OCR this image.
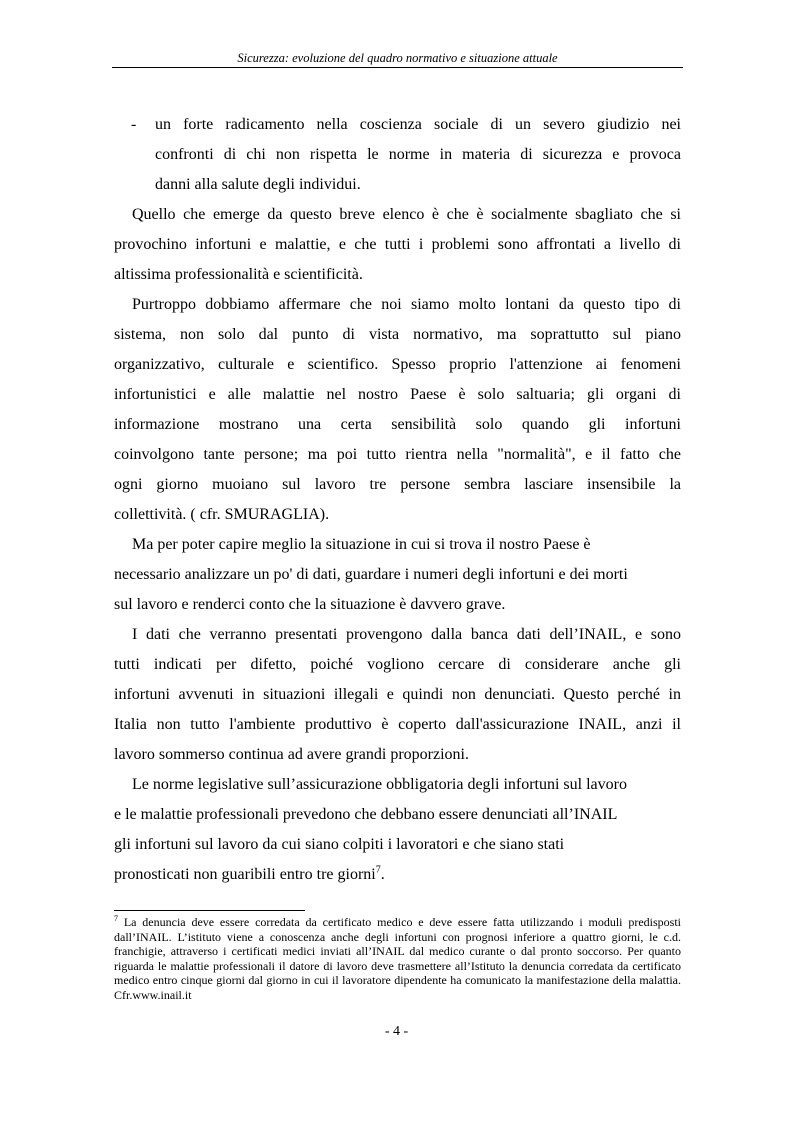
Sicurezza: evoluzione del quadro normativo e situazione attuale
- un forte radicamento nella coscienza sociale di un severo giudizio nei
confronti di chi non rispetta le norme in materia di sicurezza e provoca
danni alla salute degli individui.
Quello che emerge da questo breve elenco è che è socialmente sbagliato che si
provochino infortuni e malattie, e che tutti i problemi sono affrontati a livello di
altissima professionalità e scientificità.
Purtroppo dobbiamo affermare che noi siamo molto lontani da questo tipo di
sistema, non solo dal punto di vista normativo, ma soprattutto sul piano
organizzativo, culturale e scientifico. Spesso proprio l'attenzione ai fenomeni
infortunistici e alle malattie nel nostro Paese è solo saltuaria; gli organi di
informazione mostrano una certa sensibilità solo quando gli infortuni
coinvolgono tante persone; ma poi tutto rientra nella "normalità", e il fatto che
ogni giorno muoiano sul lavoro tre persone sembra lasciare insensibile la
collettività. ( cfr. SMURAGLIA).
Ma per poter capire meglio la situazione in cui si trova il nostro Paese è
necessario analizzare un po' di dati, guardare i numeri degli infortuni e dei morti
sul lavoro e renderci conto che la situazione è davvero grave.
I dati che verranno presentati provengono dalla banca dati dell’INAIL, e sono
tutti indicati per difetto, poiché vogliono cercare di considerare anche gli
infortuni avvenuti in situazioni illegali e quindi non denunciati. Questo perché in
Italia non tutto l'ambiente produttivo è coperto dall'assicurazione INAIL, anzi il
lavoro sommerso continua ad avere grandi proporzioni.
Le norme legislative sull’assicurazione obbligatoria degli infortuni sul lavoro
e le malattie professionali prevedono che debbano essere denunciati all’INAIL
gli infortuni sul lavoro da cui siano colpiti i lavoratori e che siano stati
pronosticati non guaribili entro tre giorni$^7$.
$^7$ La denuncia deve essere corredata da certificato medico e deve essere fatta utilizzando i moduli predisposti dall’INAIL. L’istituto viene a conoscenza anche degli infortuni con prognosi inferiore a quattro giorni, le c.d. franchigie, attraverso i certificati medici inviati all’INAIL dal medico curante o dal pronto soccorso. Per quanto riguarda le malattie professionali il datore di lavoro deve trasmettere all’Istituto la denuncia corredata da certificato medico entro cinque giorni dal giorno in cui il lavoratore dipendente ha comunicato la manifestazione della malattia. Cfr.www.inail.it
- 4 -
